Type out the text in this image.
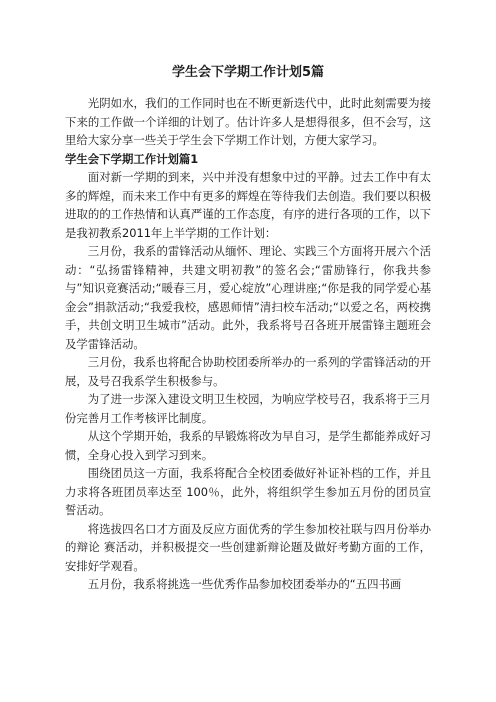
学生会下学期工作计划5篇

光阴如水，我们的工作同时也在不断更新迭代中，此时此刻需要为接下来的工作做一个详细的计划了。估计许多人是想得很多，但不会写，这里给大家分享一些关于学生会下学期工作计划，方便大家学习。

学生会下学期工作计划篇1

面对新一学期的到来，兴中并没有想象中过的平静。过去工作中有太多的辉煌，而未来工作中有更多的辉煌在等待我们去创造。我们要以积极进取的的工作热情和认真严谨的工作态度，有序的进行各项的工作，以下是我初教系2011年上半学期的工作计划：

三月份，我系的雷锋活动从缅怀、理论、实践三个方面将开展六个活动：“弘扬雷锋精神，共建文明初教”的签名会;“雷励锋行，你我共参与”知识竞赛活动;“暖春三月，爱心绽放”心理讲座;“你是我的同学爱心基金会”捐款活动;“我爱我校，感恩师情”清扫校车活动;“以爱之名，两校携手，共创文明卫生城市”活动。此外，我系将号召各班开展雷锋主题班会及学雷锋活动。

三月份，我系也将配合协助校团委所举办的一系列的学雷锋活动的开展，及号召我系学生积极参与。

为了进一步深入建设文明卫生校园，为响应学校号召，我系将于三月份完善月工作考核评比制度。

从这个学期开始，我系的早锻炼将改为早自习，是学生都能养成好习惯，全身心投入到学习到来。

围绕团员这一方面，我系将配合全校团委做好补证补档的工作，并且力求将各班团员率达至 100％，此外，将组织学生参加五月份的团员宣誓活动。

将选拔四名口才方面及反应方面优秀的学生参加校社联与四月份举办的辩论 赛活动，并积极提交一些创建新辩论题及做好考勤方面的工作，安排好学观看。

五月份，我系将挑选一些优秀作品参加校团委举办的“五四书画
